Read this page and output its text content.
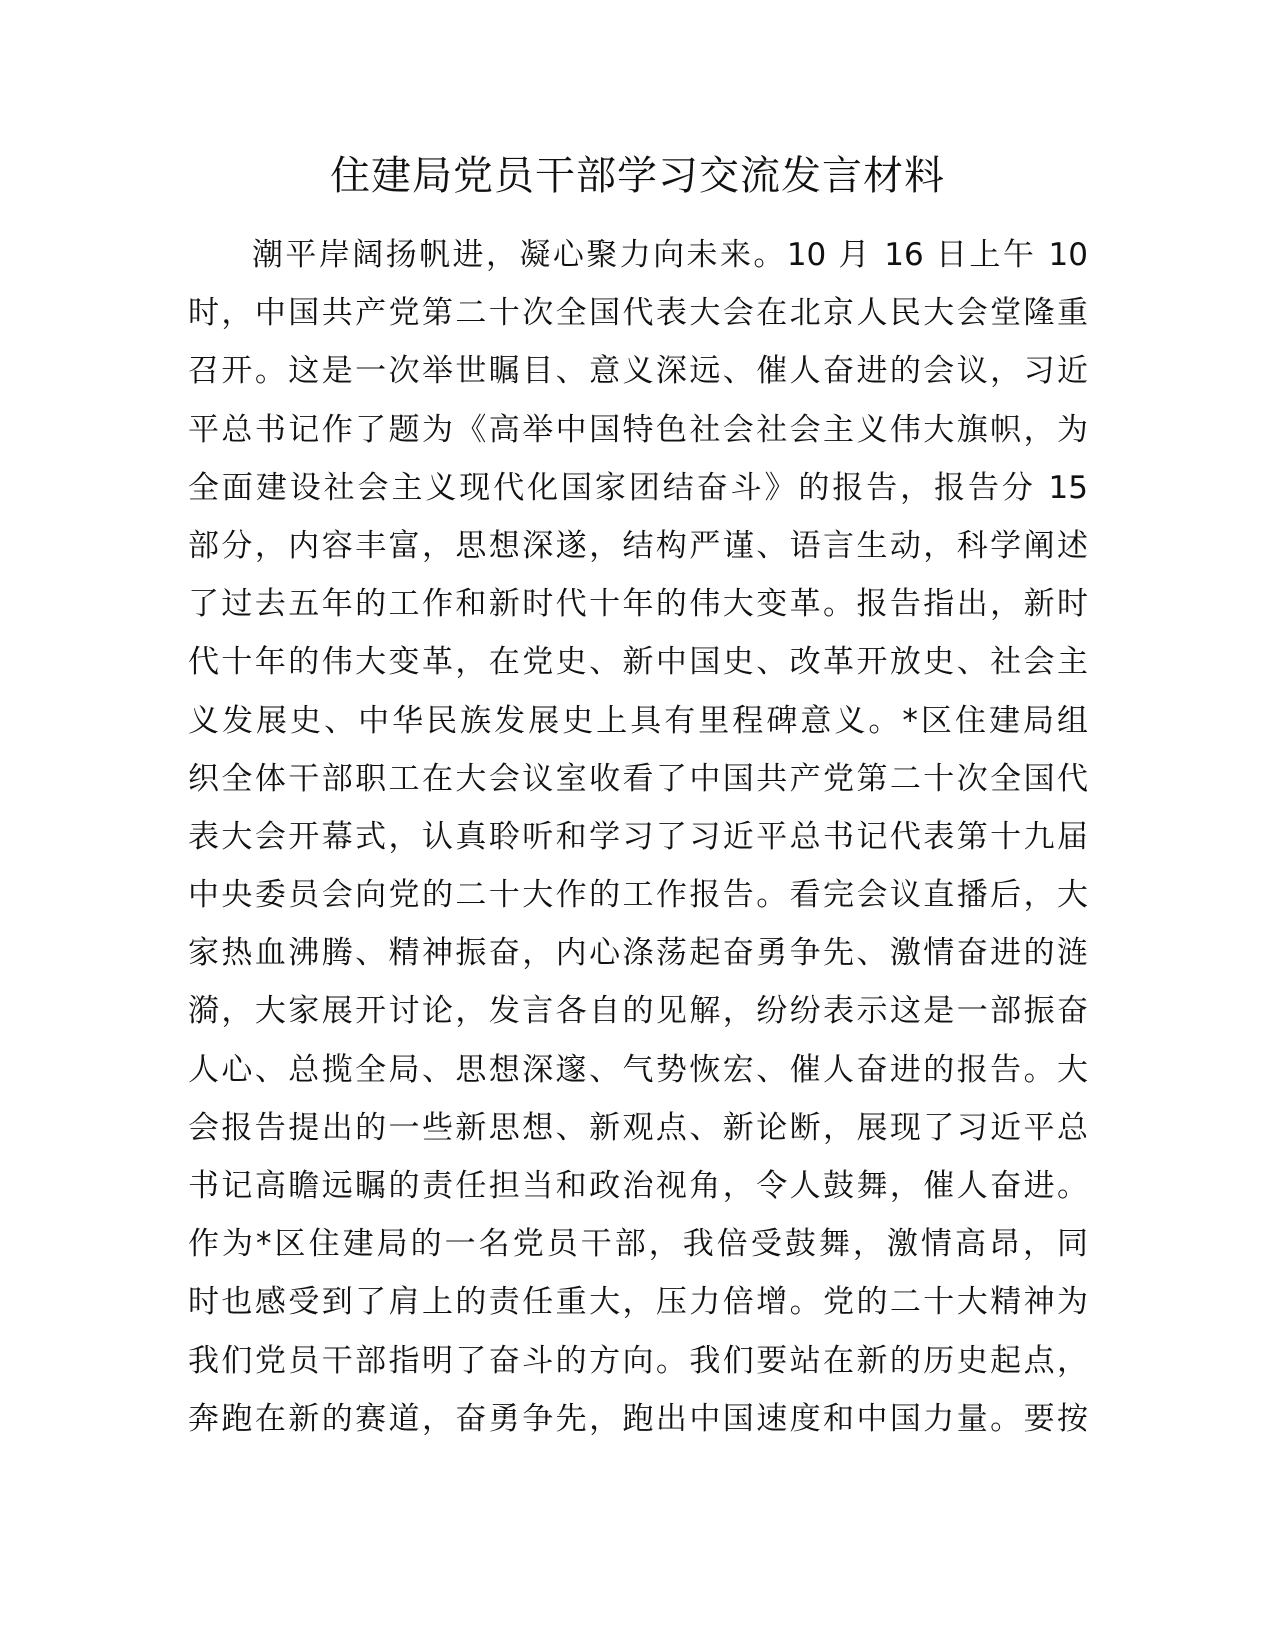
住建局党员干部学习交流发言材料
潮平岸阔扬帆进，凝心聚力向未来。10 月 16 日上午 10
时，中国共产党第二十次全国代表大会在北京人民大会堂隆重
召开。这是一次举世瞩目、意义深远、催人奋进的会议，习近
平总书记作了题为《高举中国特色社会社会主义伟大旗帜，为
全面建设社会主义现代化国家团结奋斗》的报告，报告分 15
部分，内容丰富，思想深遂，结构严谨、语言生动，科学阐述
了过去五年的工作和新时代十年的伟大变革。报告指出，新时
代十年的伟大变革，在党史、新中国史、改革开放史、社会主
义发展史、中华民族发展史上具有里程碑意义。*区住建局组
织全体干部职工在大会议室收看了中国共产党第二十次全国代
表大会开幕式，认真聆听和学习了习近平总书记代表第十九届
中央委员会向党的二十大作的工作报告。看完会议直播后，大
家热血沸腾、精神振奋，内心涤荡起奋勇争先、激情奋进的涟
漪，大家展开讨论，发言各自的见解，纷纷表示这是一部振奋
人心、总揽全局、思想深邃、气势恢宏、催人奋进的报告。大
会报告提出的一些新思想、新观点、新论断，展现了习近平总
书记高瞻远瞩的责任担当和政治视角，令人鼓舞，催人奋进。
作为*区住建局的一名党员干部，我倍受鼓舞，激情高昂，同
时也感受到了肩上的责任重大，压力倍增。党的二十大精神为
我们党员干部指明了奋斗的方向。我们要站在新的历史起点，
奔跑在新的赛道，奋勇争先，跑出中国速度和中国力量。要按
